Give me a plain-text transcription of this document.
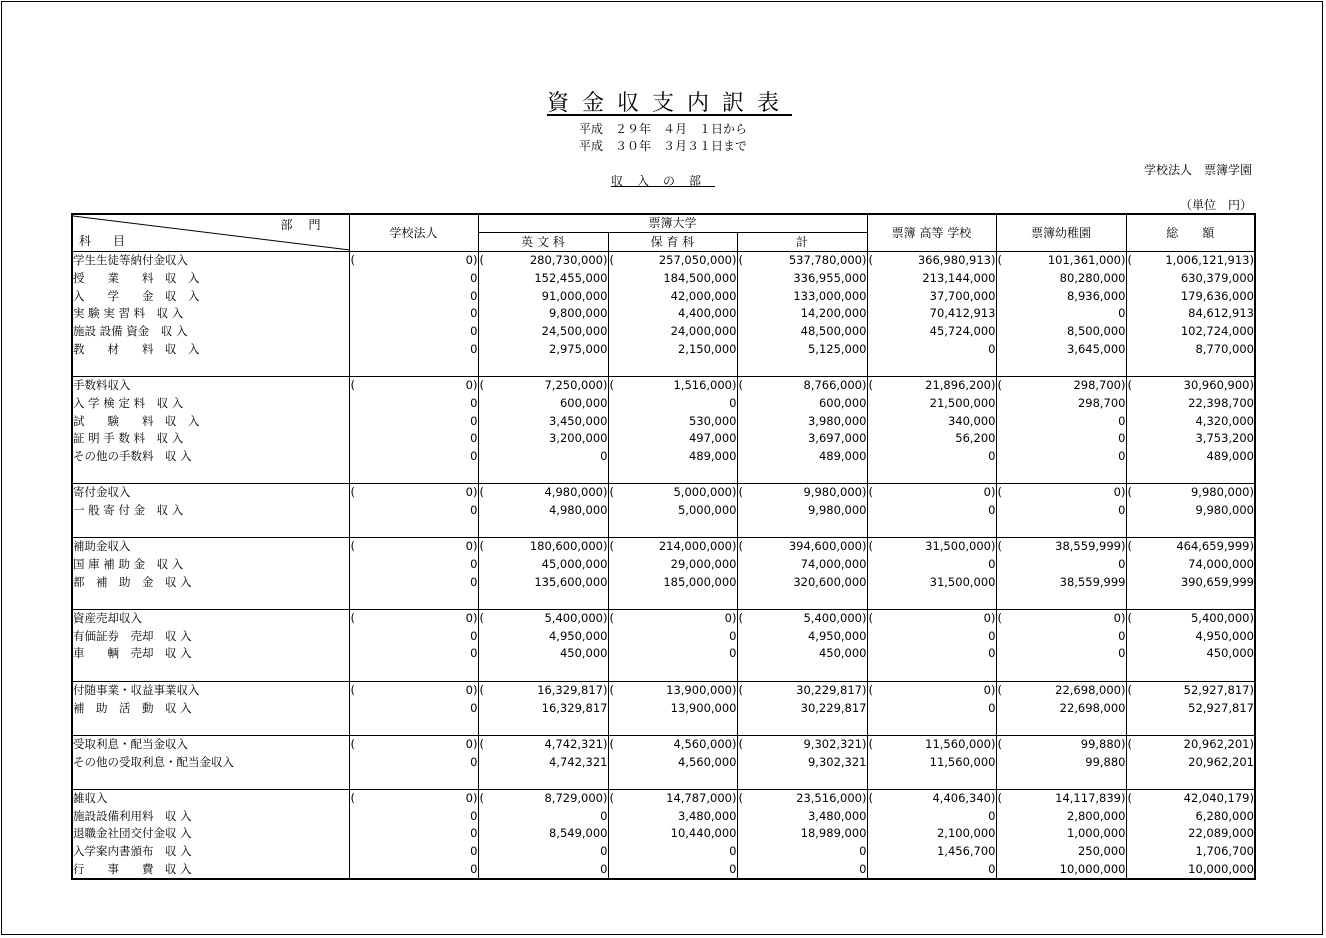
資金収支内訳表
平成　２９年　４月　１日から
平成　３０年　３月３１日まで
学校法人　票簿学園
収入の部
（単位　円）
部門
科目	学校法人	票簿大学			票簿 高等 学校	票簿幼稚園	総　　額
		英 文 科	保 育 科	計			
学生生徒等納付金収入	( 0)	( 280,730,000)	( 257,050,000)	( 537,780,000)	( 366,980,913)	( 101,361,000)	( 1,006,121,913)
授　　業　　料　収　入	0	152,455,000	184,500,000	336,955,000	213,144,000	80,280,000	630,379,000
入　　学　　金　収　入	0	91,000,000	42,000,000	133,000,000	37,700,000	8,936,000	179,636,000
実 験 実 習 料　収 入	0	9,800,000	4,400,000	14,200,000	70,412,913	0	84,612,913
施設 設備 資金　収 入	0	24,500,000	24,000,000	48,500,000	45,724,000	8,500,000	102,724,000
教　　材　　料　収　入	0	2,975,000	2,150,000	5,125,000	0	3,645,000	8,770,000

手数料収入	( 0)	( 7,250,000)	( 1,516,000)	( 8,766,000)	( 21,896,200)	( 298,700)	( 30,960,900)
入 学 検 定 料　収 入	0	600,000	0	600,000	21,500,000	298,700	22,398,700
試　　験　　料　収　入	0	3,450,000	530,000	3,980,000	340,000	0	4,320,000
証 明 手 数 料　収 入	0	3,200,000	497,000	3,697,000	56,200	0	3,753,200
その他の手数料　収 入	0	0	489,000	489,000	0	0	489,000

寄付金収入	( 0)	( 4,980,000)	( 5,000,000)	( 9,980,000)	( 0)	( 0)	( 9,980,000)
一 般 寄 付 金　収 入	0	4,980,000	5,000,000	9,980,000	0	0	9,980,000

補助金収入	( 0)	( 180,600,000)	( 214,000,000)	( 394,600,000)	( 31,500,000)	( 38,559,999)	( 464,659,999)
国 庫 補 助 金　収 入	0	45,000,000	29,000,000	74,000,000	0	0	74,000,000
都　補　助　金　収 入	0	135,600,000	185,000,000	320,600,000	31,500,000	38,559,999	390,659,999

資産売却収入	( 0)	( 5,400,000)	( 0)	( 5,400,000)	( 0)	( 0)	( 5,400,000)
有価証券　売却　収 入	0	4,950,000	0	4,950,000	0	0	4,950,000
車　　輌　売却　収 入	0	450,000	0	450,000	0	0	450,000

付随事業・収益事業収入	( 0)	( 16,329,817)	( 13,900,000)	( 30,229,817)	( 0)	( 22,698,000)	( 52,927,817)
補　助　活　動　収 入	0	16,329,817	13,900,000	30,229,817	0	22,698,000	52,927,817

受取利息・配当金収入	( 0)	( 4,742,321)	( 4,560,000)	( 9,302,321)	( 11,560,000)	( 99,880)	( 20,962,201)
その他の受取利息・配当金収入	0	4,742,321	4,560,000	9,302,321	11,560,000	99,880	20,962,201

雑収入	( 0)	( 8,729,000)	( 14,787,000)	( 23,516,000)	( 4,406,340)	( 14,117,839)	( 42,040,179)
施設設備利用料　収 入	0	0	3,480,000	3,480,000	0	2,800,000	6,280,000
退職金社団交付金収 入	0	8,549,000	10,440,000	18,989,000	2,100,000	1,000,000	22,089,000
入学案内書頒布　収 入	0	0	0	0	1,456,700	250,000	1,706,700
行　　事　　費　収 入	0	0	0	0	0	10,000,000	10,000,000
